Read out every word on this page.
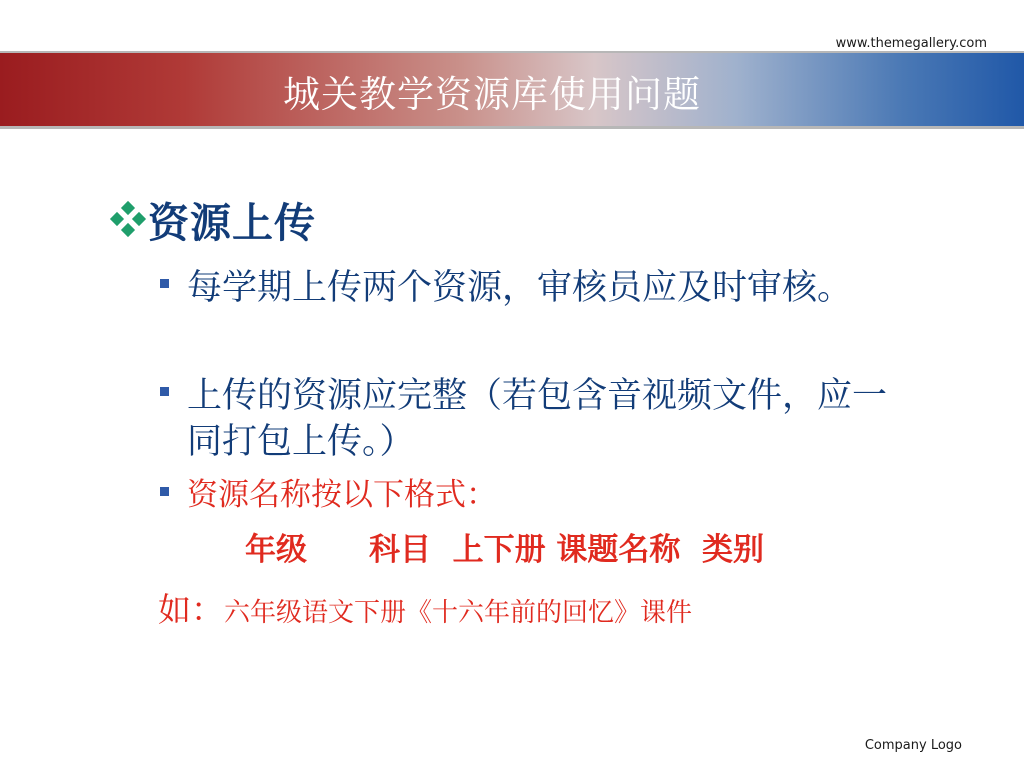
www.themegallery.com
城关教学资源库使用问题
资源上传
每学期上传两个资源，审核员应及时审核。
上传的资源应完整（若包含音视频文件，应一同打包上传。）
资源名称按以下格式：
年级　　科目  上下册 课题名称  类别
如： 六年级语文下册《十六年前的回忆》课件
Company Logo
